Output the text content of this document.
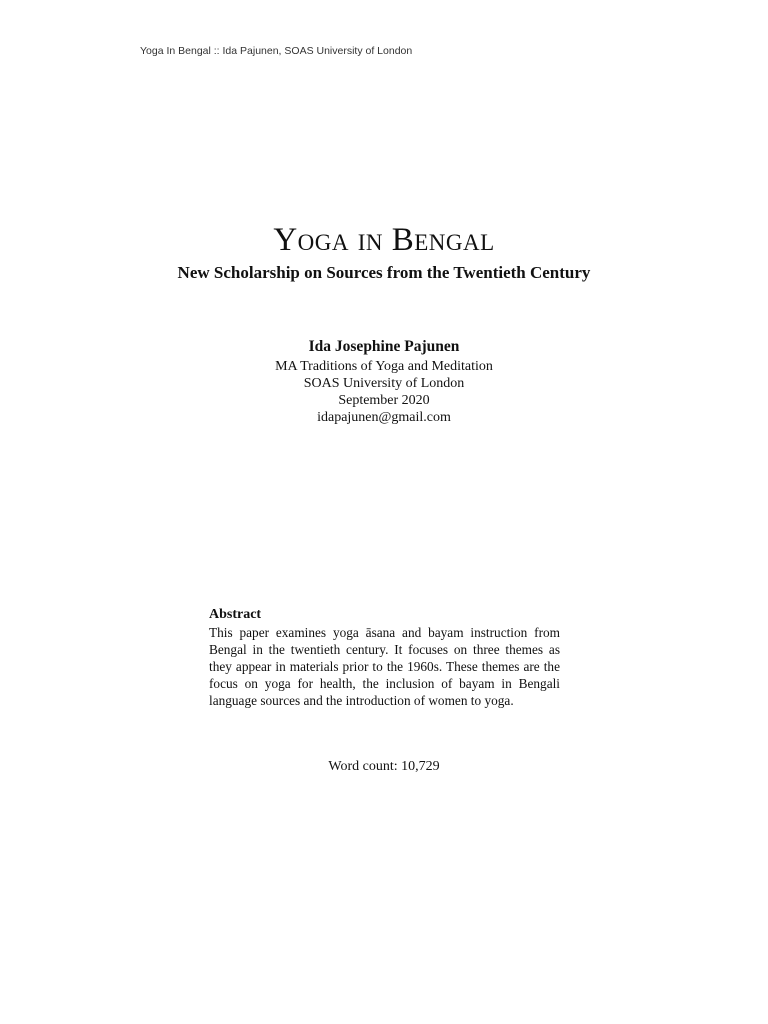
Yoga In Bengal :: Ida Pajunen, SOAS University of London
Yoga in Bengal

New Scholarship on Sources from the Twentieth Century

Ida Josephine Pajunen

MA Traditions of Yoga and Meditation

SOAS University of London

September 2020

idapajunen@gmail.com

Abstract

This paper examines yoga āsana and bayam instruction from Bengal in the twentieth century. It focuses on three themes as they appear in materials prior to the 1960s. These themes are the focus on yoga for health, the inclusion of bayam in Bengali language sources and the introduction of women to yoga.

Word count: 10,729
